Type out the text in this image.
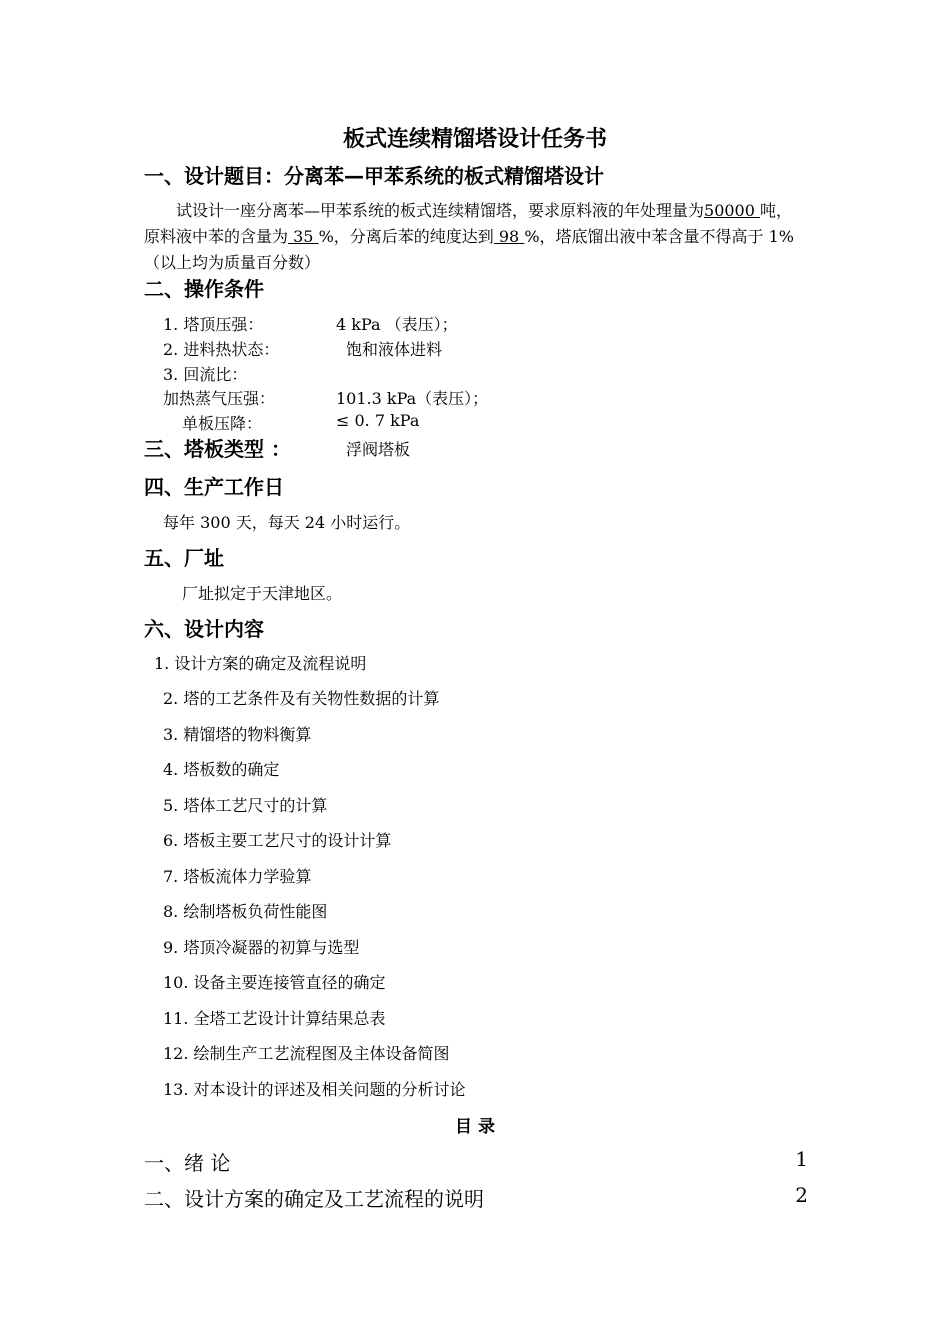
板式连续精馏塔设计任务书
一、设计题目：分离苯—甲苯系统的板式精馏塔设计
试设计一座分离苯—甲苯系统的板式连续精馏塔，要求原料液的年处理量为50000 吨，原料液中苯的含量为 35 %，分离后苯的纯度达到 98 %，塔底馏出液中苯含量不得高于 1%（以上均为质量百分数）
二、操作条件
1. 塔顶压强：	4 kPa （表压）；
2. 进料热状态：	饱和液体进料
3. 回流比：
加热蒸气压强：	101.3 kPa（表压）；
单板压降：	≤ 0. 7 kPa
三、塔板类型 ：	浮阀塔板
四、生产工作日
每年 300 天，每天 24 小时运行。
五、厂址
厂址拟定于天津地区。
六、设计内容
1. 设计方案的确定及流程说明
2. 塔的工艺条件及有关物性数据的计算
3. 精馏塔的物料衡算
4. 塔板数的确定
5. 塔体工艺尺寸的计算
6. 塔板主要工艺尺寸的设计计算
7. 塔板流体力学验算
8. 绘制塔板负荷性能图
9. 塔顶冷凝器的初算与选型
10. 设备主要连接管直径的确定
11. 全塔工艺设计计算结果总表
12. 绘制生产工艺流程图及主体设备简图
13. 对本设计的评述及相关问题的分析讨论
目 录
一、绪 论	1
二、设计方案的确定及工艺流程的说明	2
